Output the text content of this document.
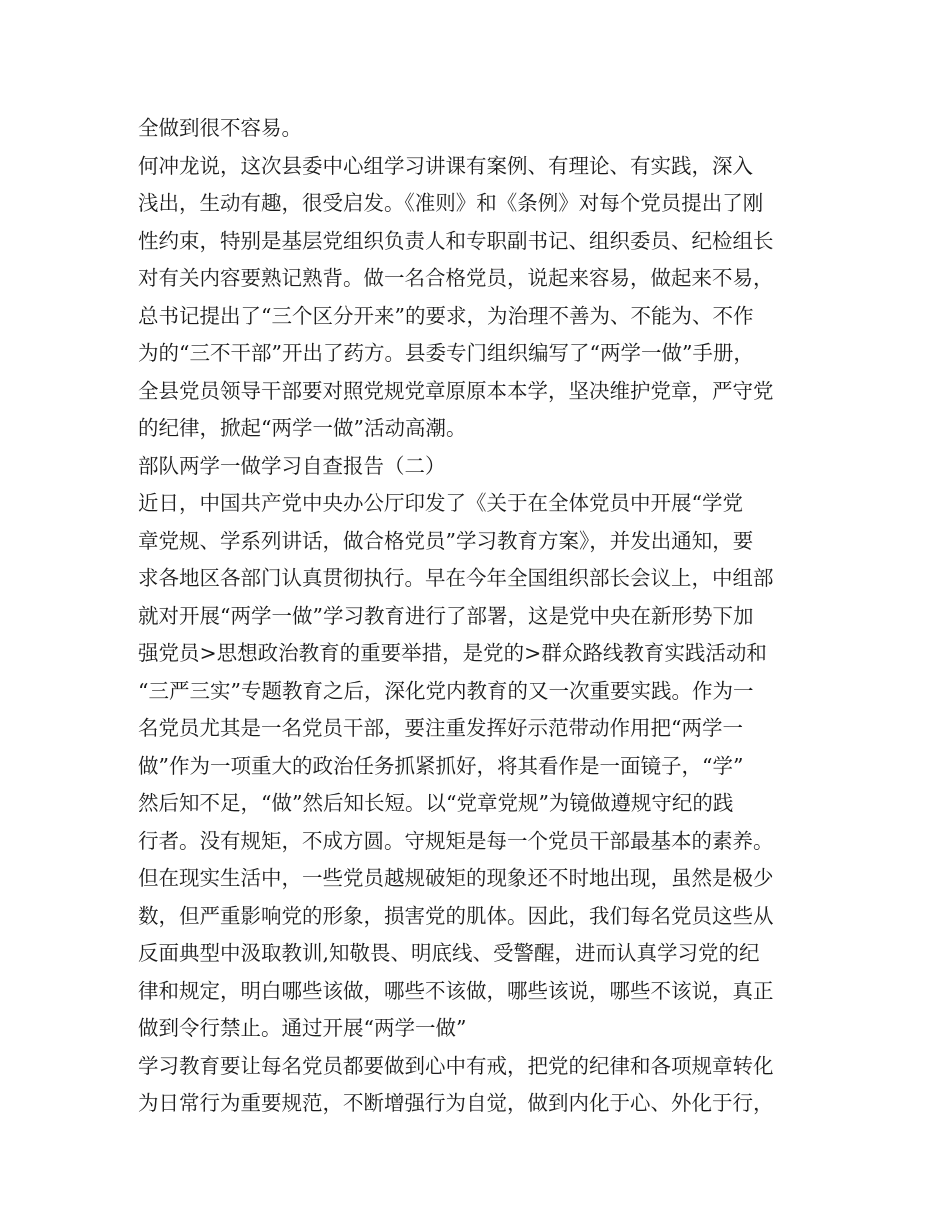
全做到很不容易。
何冲龙说，这次县委中心组学习讲课有案例、有理论、有实践，深入
浅出，生动有趣，很受启发。《准则》和《条例》对每个党员提出了刚
性约束，特别是基层党组织负责人和专职副书记、组织委员、纪检组长
对有关内容要熟记熟背。做一名合格党员，说起来容易，做起来不易，
总书记提出了“三个区分开来”的要求，为治理不善为、不能为、不作
为的“三不干部”开出了药方。县委专门组织编写了“两学一做”手册，
全县党员领导干部要对照党规党章原原本本学，坚决维护党章，严守党
的纪律，掀起“两学一做”活动高潮。
部队两学一做学习自查报告（二）
近日，中国共产党中央办公厅印发了《关于在全体党员中开展“学党
章党规、学系列讲话，做合格党员”学习教育方案》，并发出通知，要
求各地区各部门认真贯彻执行。早在今年全国组织部长会议上，中组部
就对开展“两学一做”学习教育进行了部署，这是党中央在新形势下加
强党员>思想政治教育的重要举措，是党的>群众路线教育实践活动和
“三严三实”专题教育之后，深化党内教育的又一次重要实践。作为一
名党员尤其是一名党员干部，要注重发挥好示范带动作用把“两学一
做”作为一项重大的政治任务抓紧抓好，将其看作是一面镜子，“学”
然后知不足，“做”然后知长短。以“党章党规”为镜做遵规守纪的践
行者。没有规矩，不成方圆。守规矩是每一个党员干部最基本的素养。
但在现实生活中，一些党员越规破矩的现象还不时地出现，虽然是极少
数，但严重影响党的形象，损害党的肌体。因此，我们每名党员这些从
反面典型中汲取教训,知敬畏、明底线、受警醒，进而认真学习党的纪
律和规定，明白哪些该做，哪些不该做，哪些该说，哪些不该说，真正
做到令行禁止。通过开展“两学一做”
学习教育要让每名党员都要做到心中有戒，把党的纪律和各项规章转化
为日常行为重要规范，不断增强行为自觉，做到内化于心、外化于行，
